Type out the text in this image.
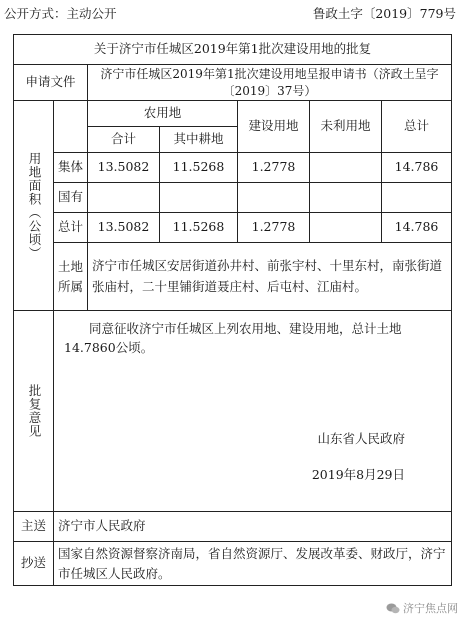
公开方式：主动公开	鲁政土字〔2019〕779号
关于济宁市任城区2019年第1批次建设用地的批复						
申请文件		济宁市任城区2019年第1批次建设用地呈报申请书（济政土呈字〔2019〕37号）				

用地面积（公顷）		农用地		建设用地	未利用地	总计
		合计	其中耕地			
	集体	13.5082	11.5268	1.2778		14.786
	国有					
	总计	13.5082	11.5268	1.2778		14.786

	土地所属	济宁市任城区安居街道孙井村、前张宇村、十里东村，南张街道张庙村，二十里铺街道聂庄村、后屯村、江庙村。				

批复意见	同意征收济宁市任城区上列农用地、建设用地，总计土地14.7860公顷。
山东省人民政府
2019年8月29日					

主送	济宁市人民政府					
抄送	国家自然资源督察济南局，省自然资源厅、发展改革委、财政厅，济宁市任城区人民政府。					
济宁焦点网
